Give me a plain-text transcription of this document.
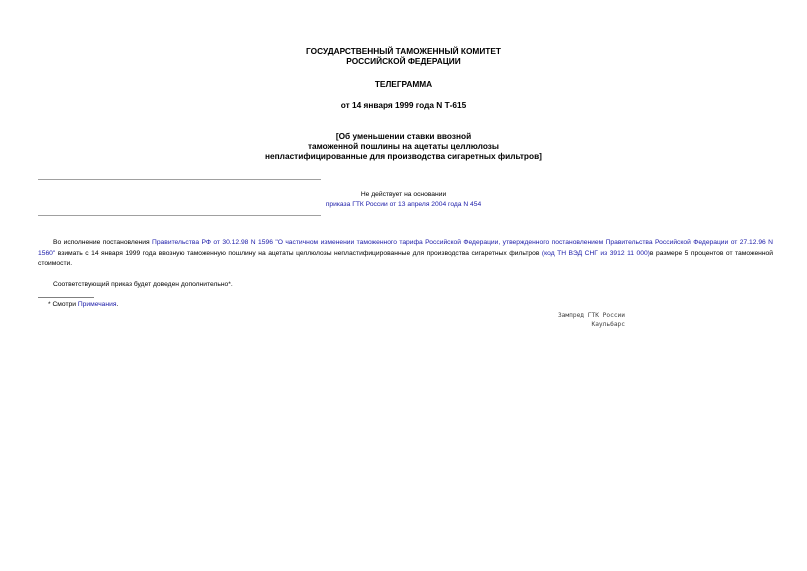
ГОСУДАРСТВЕННЫЙ ТАМОЖЕННЫЙ КОМИТЕТ
РОССИЙСКОЙ ФЕДЕРАЦИИ
ТЕЛЕГРАММА
от 14 января 1999 года N Т-615
[Об уменьшении ставки ввозной
таможенной пошлины на ацетаты целлюлозы
непластифицированные для производства сигаретных фильтров]
Не действует на основании
приказа ГТК России от 13 апреля 2004 года N 454
Во исполнение постановления Правительства РФ от 30.12.98 N 1596 "О частичном изменении таможенного тарифа Российской Федерации, утвержденного постановлением Правительства Российской Федерации от 27.12.96 N 1560" взимать с 14 января 1999 года ввозную таможенную пошлину на ацетаты целлюлозы непластифицированные для производства сигаретных фильтров (код ТН ВЭД СНГ из 3912 11 000)в размере 5 процентов от таможенной стоимости.
Соответствующий приказ будет доведен дополнительно*.
* Смотри Примечания.
Зампред ГТК России
Каульбарс
